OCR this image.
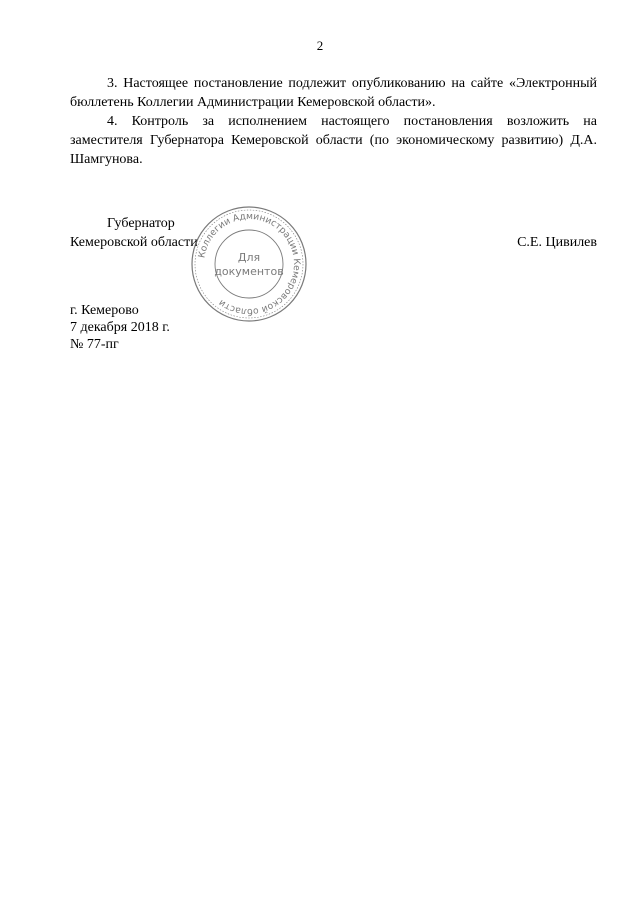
2

3. Настоящее постановление подлежит опубликованию на сайте «Электронный бюллетень Коллегии Администрации Кемеровской области».

4. Контроль за исполнением настоящего постановления возложить на заместителя Губернатора Кемеровской области (по экономическому развитию) Д.А. Шамгунова.

Губернатор
Кемеровской области	С.Е. Цивилев
Коллегии Администрации Кемеровской области
Для
документов
г. Кемерово
7 декабря 2018 г.
№ 77-пг
